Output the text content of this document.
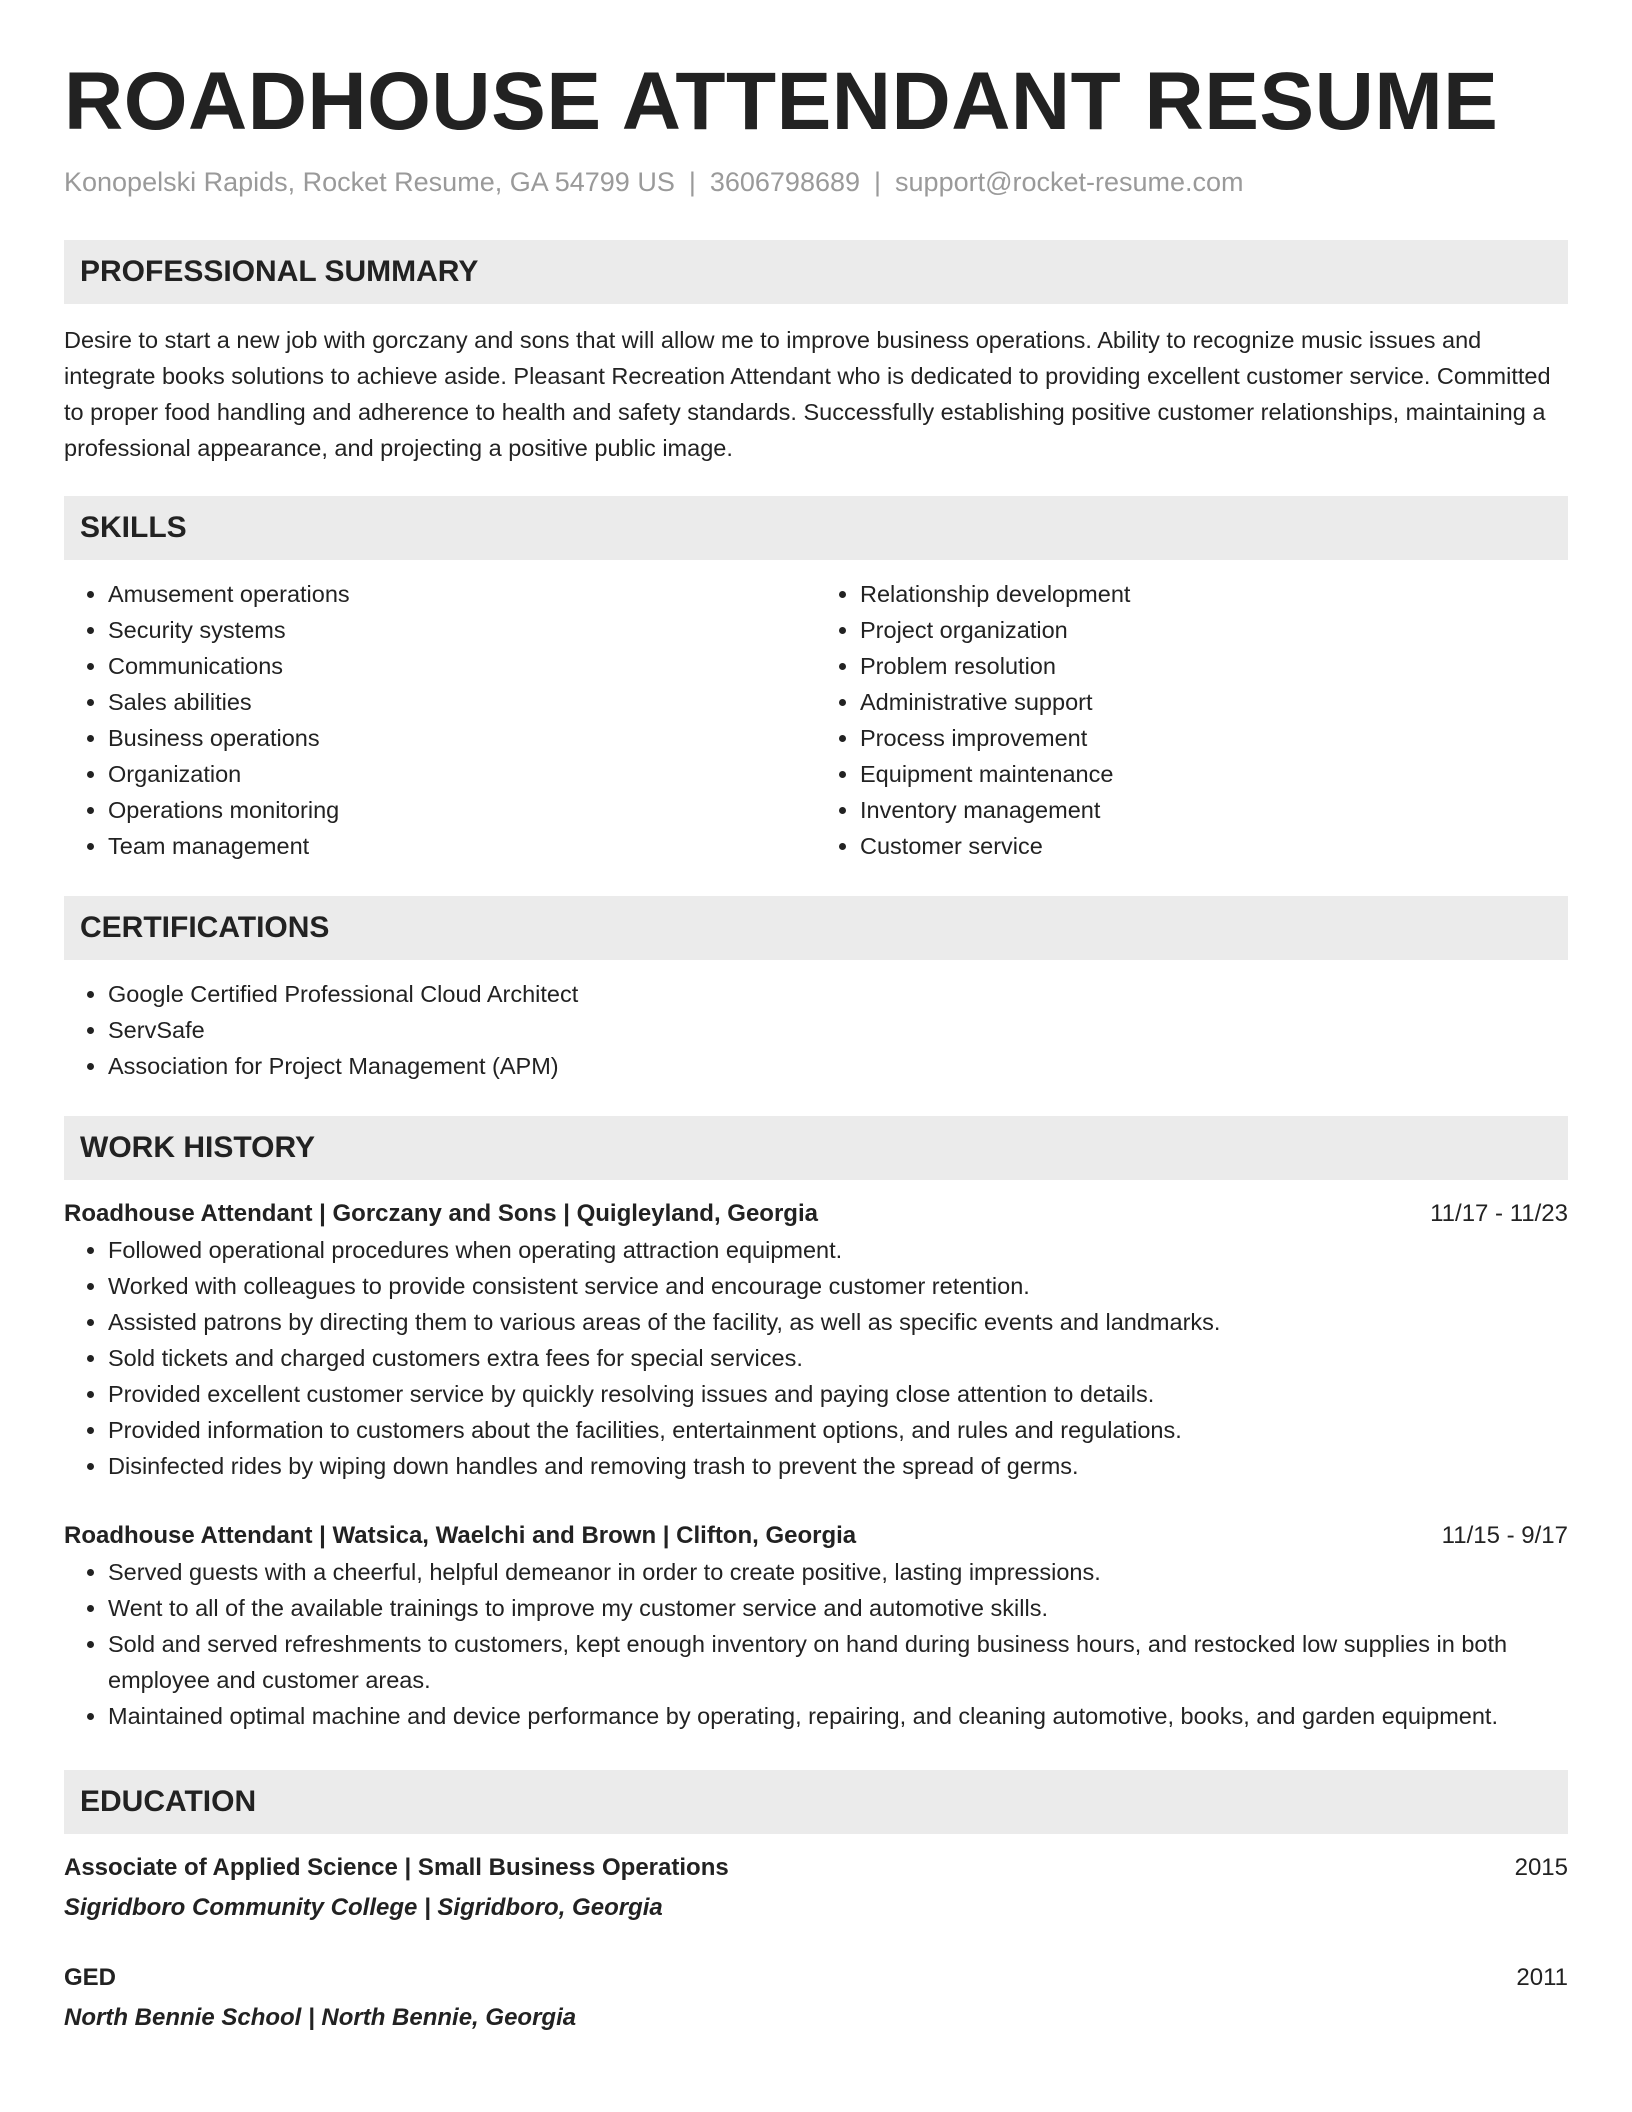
ROADHOUSE ATTENDANT RESUME
Konopelski Rapids, Rocket Resume, GA 54799 US | 3606798689 | support@rocket-resume.com
PROFESSIONAL SUMMARY

Desire to start a new job with gorczany and sons that will allow me to improve business operations. Ability to recognize music issues and integrate books solutions to achieve aside. Pleasant Recreation Attendant who is dedicated to providing excellent customer service. Committed to proper food handling and adherence to health and safety standards. Successfully establishing positive customer relationships, maintaining a professional appearance, and projecting a positive public image.

SKILLS
• Amusement operations
• Security systems
• Communications
• Sales abilities
• Business operations
• Organization
• Operations monitoring
• Team management
• Relationship development
• Project organization
• Problem resolution
• Administrative support
• Process improvement
• Equipment maintenance
• Inventory management
• Customer service
CERTIFICATIONS
• Google Certified Professional Cloud Architect
• ServSafe
• Association for Project Management (APM)
WORK HISTORY
Roadhouse Attendant | Gorczany and Sons | Quigleyland, Georgia	11/17 - 11/23
• Followed operational procedures when operating attraction equipment.
• Worked with colleagues to provide consistent service and encourage customer retention.
• Assisted patrons by directing them to various areas of the facility, as well as specific events and landmarks.
• Sold tickets and charged customers extra fees for special services.
• Provided excellent customer service by quickly resolving issues and paying close attention to details.
• Provided information to customers about the facilities, entertainment options, and rules and regulations.
• Disinfected rides by wiping down handles and removing trash to prevent the spread of germs.
Roadhouse Attendant | Watsica, Waelchi and Brown | Clifton, Georgia	11/15 - 9/17
• Served guests with a cheerful, helpful demeanor in order to create positive, lasting impressions.
• Went to all of the available trainings to improve my customer service and automotive skills.
• Sold and served refreshments to customers, kept enough inventory on hand during business hours, and restocked low supplies in both employee and customer areas.
• Maintained optimal machine and device performance by operating, repairing, and cleaning automotive, books, and garden equipment.
EDUCATION
Associate of Applied Science | Small Business Operations	2015
Sigridboro Community College | Sigridboro, Georgia
GED	2011
North Bennie School | North Bennie, Georgia
